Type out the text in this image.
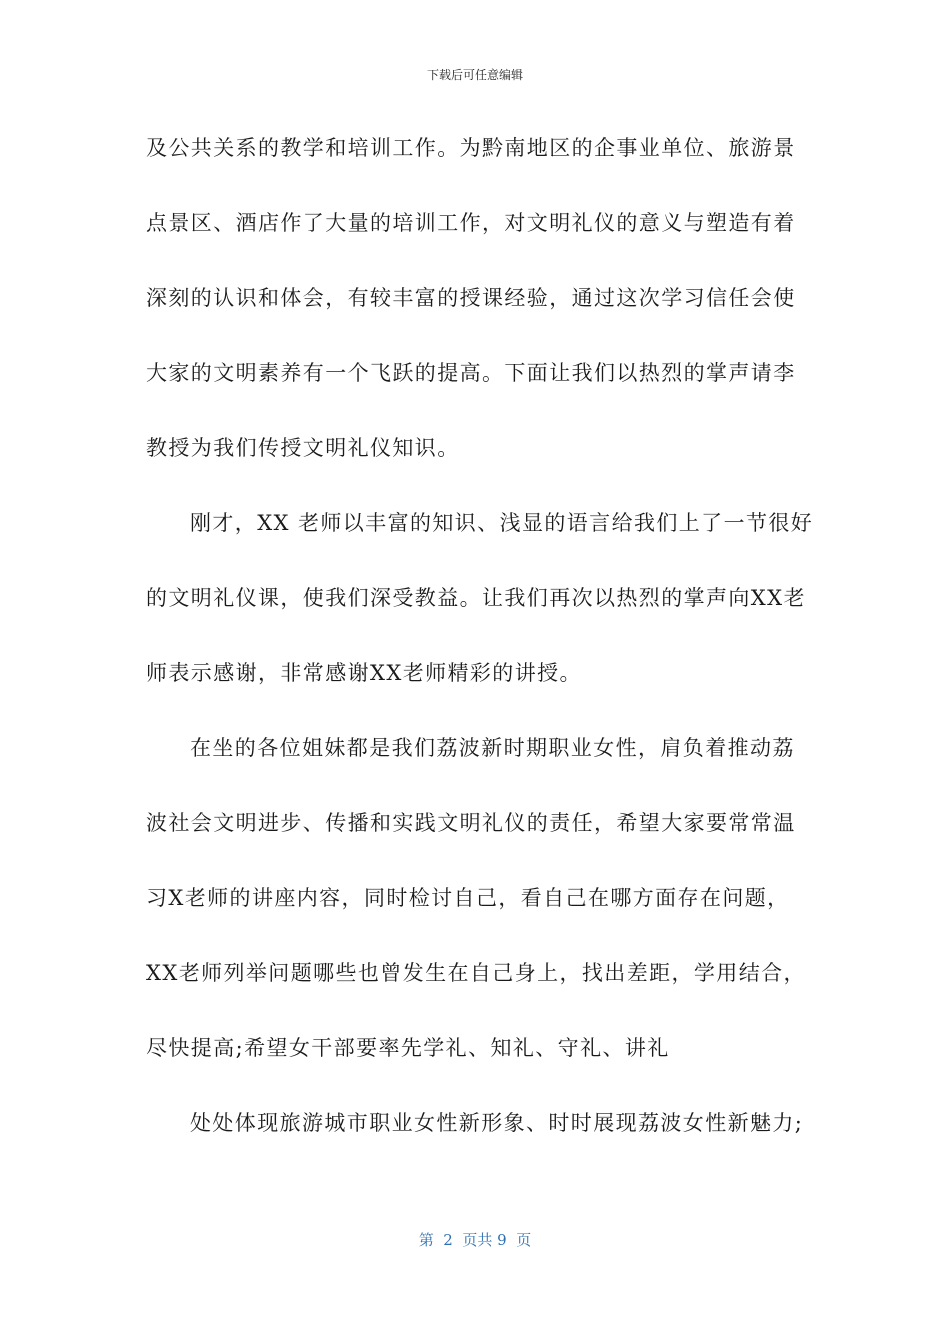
下载后可任意编辑
及公共关系的教学和培训工作。为黔南地区的企事业单位、旅游景
点景区、酒店作了大量的培训工作，对文明礼仪的意义与塑造有着
深刻的认识和体会，有较丰富的授课经验，通过这次学习信任会使
大家的文明素养有一个飞跃的提高。下面让我们以热烈的掌声请李
教授为我们传授文明礼仪知识。
刚才，XX 老师以丰富的知识、浅显的语言给我们上了一节很好
的文明礼仪课，使我们深受教益。让我们再次以热烈的掌声向XX老
师表示感谢，非常感谢XX老师精彩的讲授。
在坐的各位姐妹都是我们荔波新时期职业女性，肩负着推动荔
波社会文明进步、传播和实践文明礼仪的责任，希望大家要常常温
习X老师的讲座内容，同时检讨自己，看自己在哪方面存在问题，
XX老师列举问题哪些也曾发生在自己身上，找出差距，学用结合，
尽快提高;希望女干部要率先学礼、知礼、守礼、讲礼
处处体现旅游城市职业女性新形象、时时展现荔波女性新魅力;
第  2  页共 9  页
